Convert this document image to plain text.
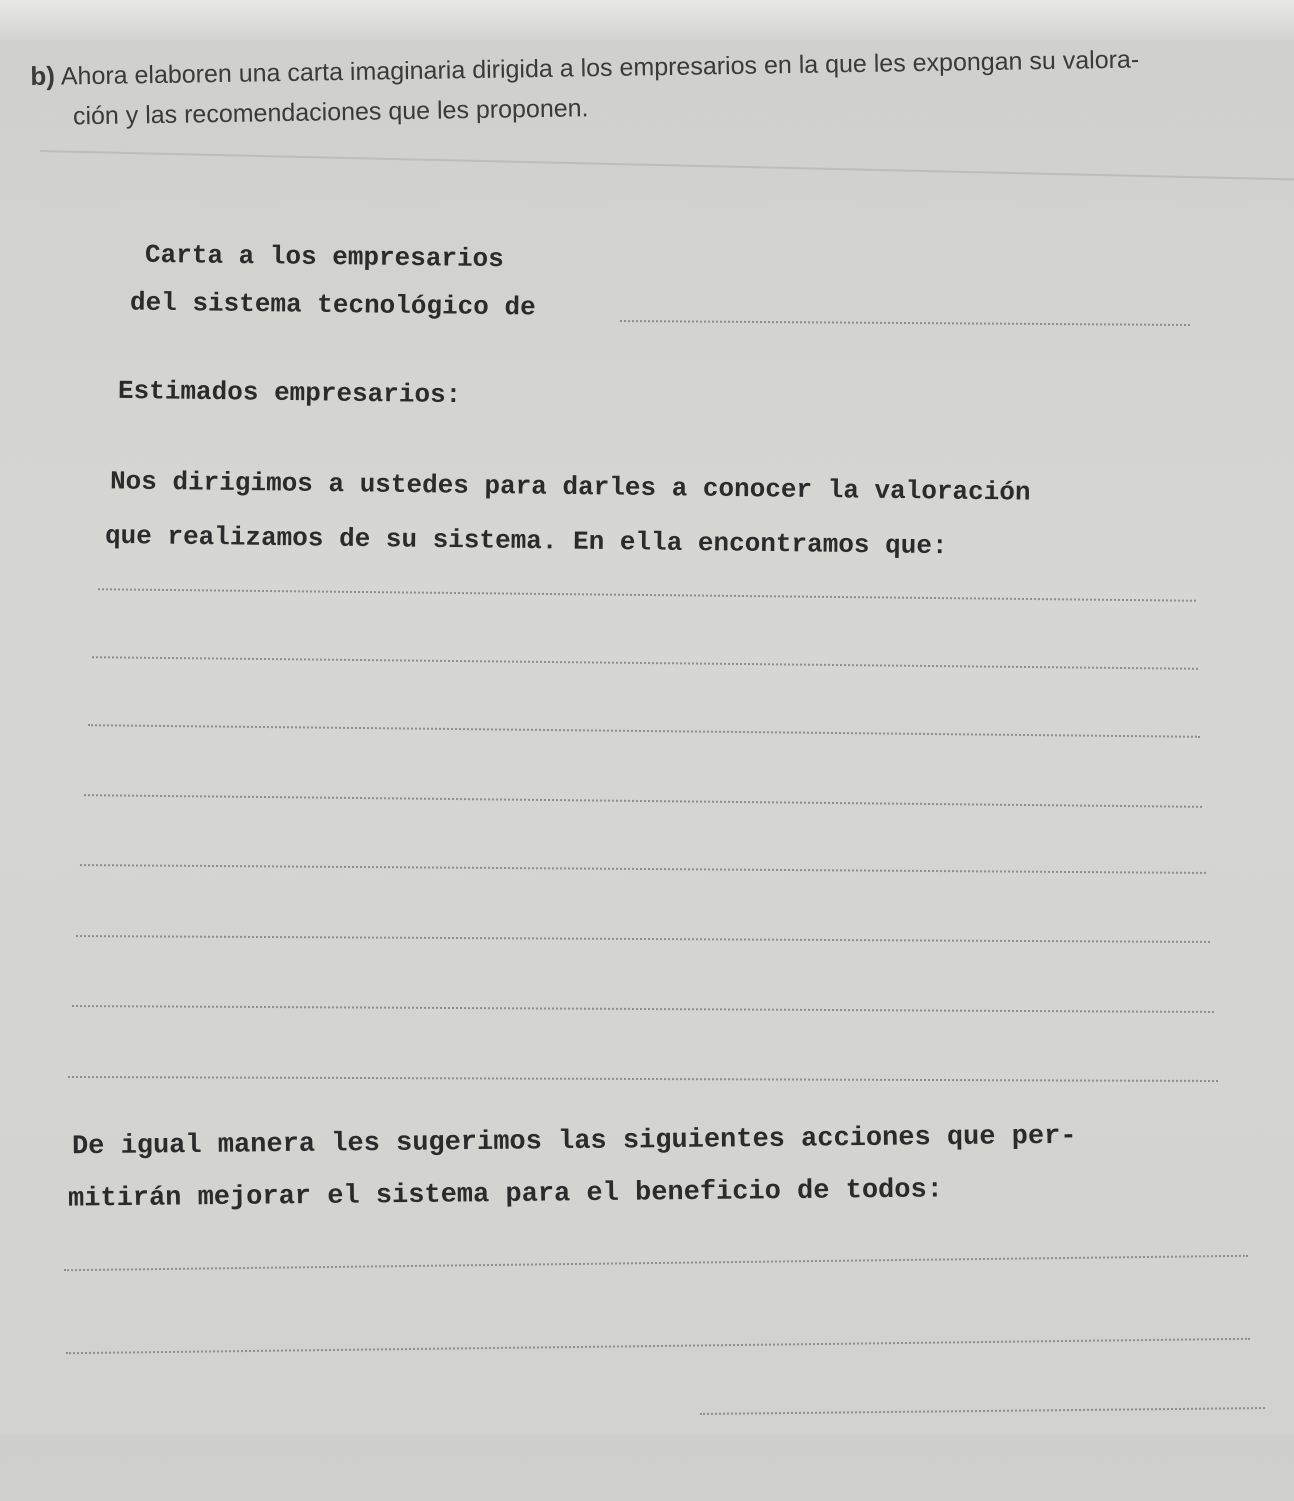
b) Ahora elaboren una carta imaginaria dirigida a los empresarios en la que les expongan su valora-
ción y las recomendaciones que les proponen.
Carta a los empresarios
del sistema tecnológico de
Estimados empresarios:
Nos dirigimos a ustedes para darles a conocer la valoración
que realizamos de su sistema. En ella encontramos que:
De igual manera les sugerimos las siguientes acciones que per-
mitirán mejorar el sistema para el beneficio de todos:
